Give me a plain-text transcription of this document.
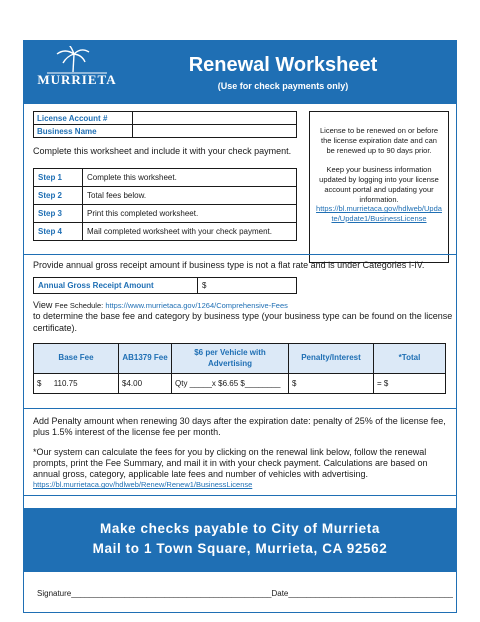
MURRIETA
Renewal Worksheet
(Use for check payments only)
License Account #	
Business Name	
Complete this worksheet and include it with your check payment.
Step 1	Complete this worksheet.
Step 2	Total fees below.
Step 3	Print this completed worksheet.
Step 4	Mail completed worksheet with your check payment.

License to be renewed on or before the license expiration date and can be renewed up to 90 days prior.

Keep your business information updated by logging into your license account portal and updating your information.

https://bl.murrietaca.gov/hdlweb/Update/Update1/BusinessLicense

Provide annual gross receipt amount if business type is not a flat rate and is under Categories I-IV.
Annual Gross Receipt Amount	$
View Fee Schedule: https://www.murrietaca.gov/1264/Comprehensive-Fees
to determine the base fee and category by business type (your business type can be found on the license certificate).
Base Fee	AB1379 Fee	$6 per Vehicle with Advertising	Penalty/Interest	*Total
$ 110.75	$4.00	Qty _____x $6.65 $________	$	= $
Add Penalty amount when renewing 30 days after the expiration date: penalty of 25% of the license fee, plus 1.5% interest of the license fee per month.
*Our system can calculate the fees for you by clicking on the renewal link below, follow the renewal prompts, print the Fee Summary, and mail it in with your check payment. Calculations are based on annual gross, category, applicable late fees and number of vehicles with advertising.
https://bl.murrietaca.gov/hdlweb/Renew/Renew1/BusinessLicense
Make checks payable to City of Murrieta
Mail to 1 Town Square, Murrieta, CA 92562
Signature_____________________________________________Date_____________________________________
